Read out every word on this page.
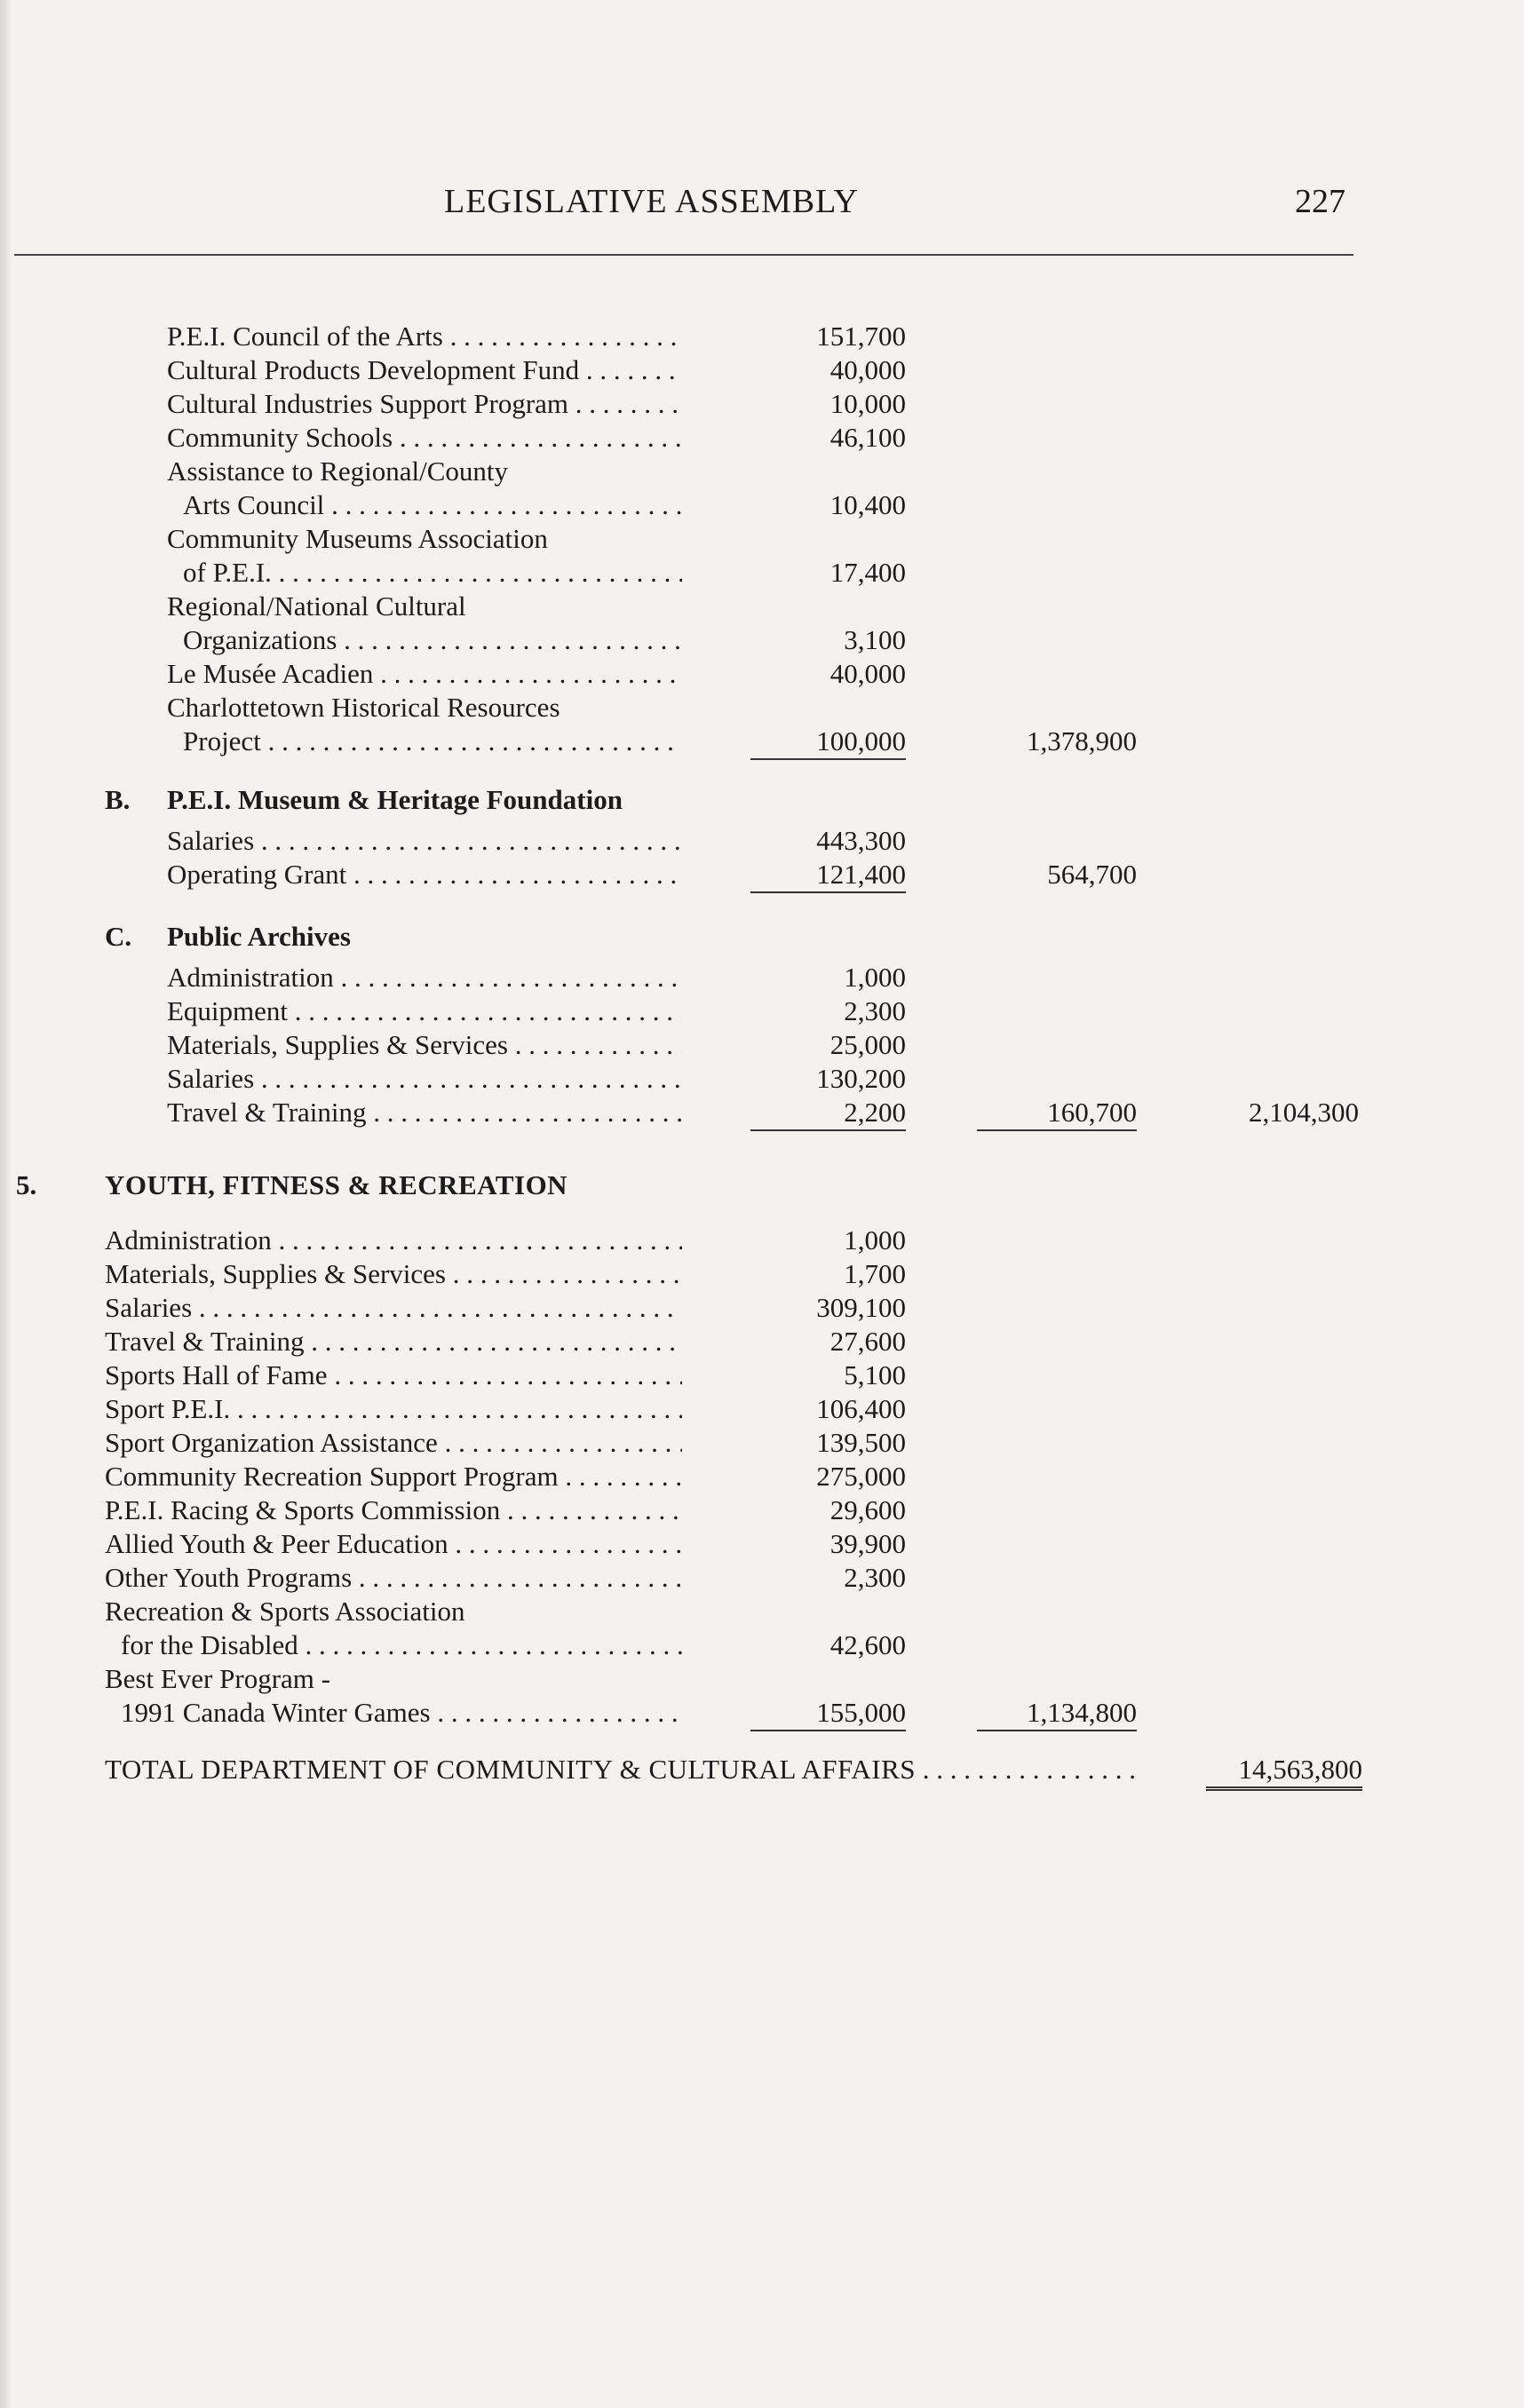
LEGISLATIVE ASSEMBLY	227
P.E.I. Council of the Arts . . .	151,700
Cultural Products Development Fund . . .	40,000
Cultural Industries Support Program . . .	10,000
Community Schools . . .	46,100
Assistance to Regional/County
Arts Council . . .	10,400
Community Museums Association
of P.E.I. . . .	17,400
Regional/National Cultural
Organizations . . .	3,100
Le Musée Acadien . . .	40,000
Charlottetown Historical Resources
Project . . .	100,000	1,378,900
B. P.E.I. Museum & Heritage Foundation
Salaries . . .	443,300
Operating Grant . . .	121,400	564,700
C. Public Archives
Administration . . .	1,000
Equipment . . .	2,300
Materials, Supplies & Services . . .	25,000
Salaries . . .	130,200
Travel & Training . . .	2,200	160,700	2,104,300
5. YOUTH, FITNESS & RECREATION
Administration . . .	1,000
Materials, Supplies & Services . . .	1,700
Salaries . . .	309,100
Travel & Training . . .	27,600
Sports Hall of Fame . . .	5,100
Sport P.E.I. . . .	106,400
Sport Organization Assistance . . .	139,500
Community Recreation Support Program . . .	275,000
P.E.I. Racing & Sports Commission . . .	29,600
Allied Youth & Peer Education . . .	39,900
Other Youth Programs . . .	2,300
Recreation & Sports Association
for the Disabled . . .	42,600
Best Ever Program -
1991 Canada Winter Games . . .	155,000	1,134,800
TOTAL DEPARTMENT OF COMMUNITY & CULTURAL AFFAIRS . . .	14,563,800
